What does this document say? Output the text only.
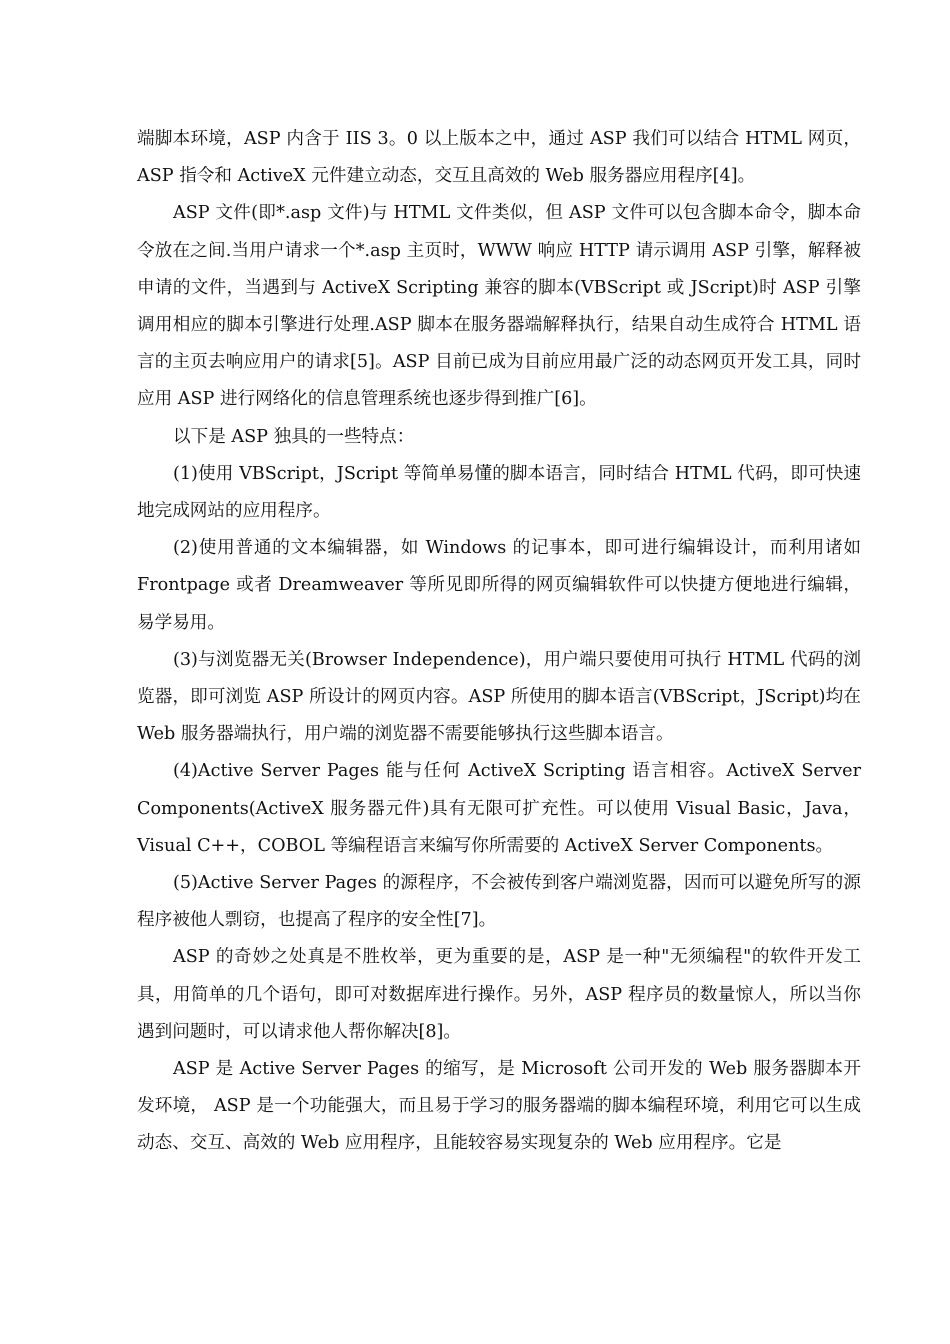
端脚本环境，ASP 内含于 IIS 3。0 以上版本之中，通过 ASP 我们可以结合 HTML 网页，ASP 指令和 ActiveX 元件建立动态，交互且高效的 Web 服务器应用程序[4]。

ASP 文件(即*.asp 文件)与 HTML 文件类似，但 ASP 文件可以包含脚本命令，脚本命令放在之间.当用户请求一个*.asp 主页时，WWW 响应 HTTP 请示调用 ASP 引擎，解释被申请的文件，当遇到与 ActiveX Scripting 兼容的脚本(VBScript 或 JScript)时 ASP 引擎调用相应的脚本引擎进行处理.ASP 脚本在服务器端解释执行，结果自动生成符合 HTML 语言的主页去响应用户的请求[5]。ASP 目前已成为目前应用最广泛的动态网页开发工具，同时应用 ASP 进行网络化的信息管理系统也逐步得到推广[6]。

以下是 ASP 独具的一些特点：

(1)使用 VBScript，JScript 等简单易懂的脚本语言，同时结合 HTML 代码，即可快速地完成网站的应用程序。

(2)使用普通的文本编辑器，如 Windows 的记事本，即可进行编辑设计，而利用诸如 Frontpage 或者 Dreamweaver 等所见即所得的网页编辑软件可以快捷方便地进行编辑，易学易用。

(3)与浏览器无关(Browser Independence)，用户端只要使用可执行 HTML 代码的浏览器，即可浏览 ASP 所设计的网页内容。ASP 所使用的脚本语言(VBScript，JScript)均在 Web 服务器端执行，用户端的浏览器不需要能够执行这些脚本语言。

(4)Active Server Pages 能与任何 ActiveX Scripting 语言相容。ActiveX Server Components(ActiveX 服务器元件)具有无限可扩充性。可以使用 Visual Basic，Java，Visual C++，COBOL 等编程语言来编写你所需要的 ActiveX Server Components。

(5)Active Server Pages 的源程序，不会被传到客户端浏览器，因而可以避免所写的源程序被他人剽窃，也提高了程序的安全性[7]。

ASP 的奇妙之处真是不胜枚举，更为重要的是，ASP 是一种"无须编程"的软件开发工具，用简单的几个语句，即可对数据库进行操作。另外，ASP 程序员的数量惊人，所以当你遇到问题时，可以请求他人帮你解决[8]。

ASP 是 Active Server Pages 的缩写，是 Microsoft 公司开发的 Web 服务器脚本开发环境， ASP 是一个功能强大，而且易于学习的服务器端的脚本编程环境，利用它可以生成动态、交互、高效的 Web 应用程序，且能较容易实现复杂的 Web 应用程序。它是
